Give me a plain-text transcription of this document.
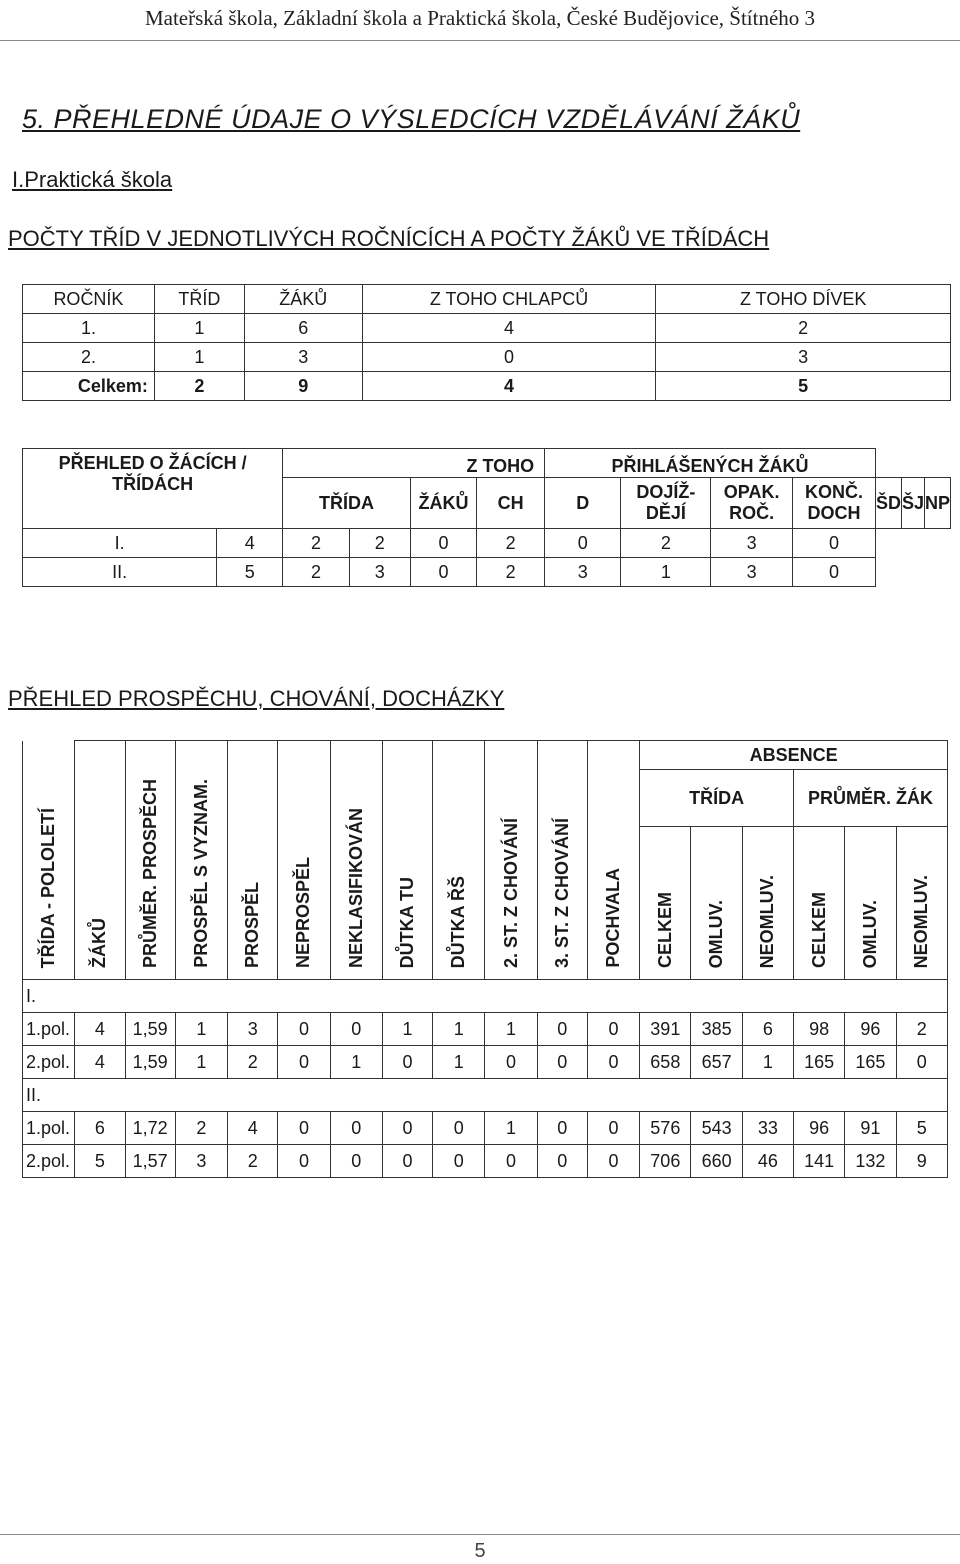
Mateřská škola, Základní škola a Praktická škola, České Budějovice, Štítného 3
5. PŘEHLEDNÉ ÚDAJE O VÝSLEDCÍCH VZDĚLÁVÁNÍ ŽÁKŮ
I.Praktická škola
POČTY TŘÍD V JEDNOTLIVÝCH ROČNÍCÍCH A POČTY ŽÁKŮ VE TŘÍDÁCH
ROČNÍK	TŘÍD	ŽÁKŮ	Z TOHO CHLAPCŮ	Z TOHO DÍVEK
1.	1	6	4	2
2.	1	3	0	3
Celkem:	2	9	4	5
PŘEHLED O ŽÁCÍCH / TŘÍDÁCH		Z TOHO				PŘIHLÁŠENÝCH ŽÁKŮ						
		TŘÍDA		ŽÁKŮ	CH	D	DOJÍŽ-DĚJÍ	OPAK. ROČ.	KONČ. DOCH	ŠD	ŠJ	NP
I.	4	2	2	0	2	0	2	3	0			
II.	5	2	3	0	2	3	1	3	0			
PŘEHLED PROSPĚCHU, CHOVÁNÍ, DOCHÁZKY
TŘÍDA - POLOLETÍ	ŽÁKŮ	PRŮMĚR. PROSPĚCH	PROSPĚL S VYZNAM.	PROSPĚL	NEPROSPĚL	NEKLASIFIKOVÁN	DŮTKA TU	DŮTKA ŘŠ	2. ST. Z CHOVÁNÍ	3. ST. Z CHOVÁNÍ	POCHVALA	ABSENCE					
												TŘÍDA			PRŮMĚR. ŽÁK		
												CELKEM	OMLUV.	NEOMLUV.	CELKEM	OMLUV.	NEOMLUV.
I.																	
1.pol.	4	1,59	1	3	0	0	1	1	1	0	0	391	385	6	98	96	2
2.pol.	4	1,59	1	2	0	1	0	1	0	0	0	658	657	1	165	165	0
II.																	
1.pol.	6	1,72	2	4	0	0	0	0	1	0	0	576	543	33	96	91	5
2.pol.	5	1,57	3	2	0	0	0	0	0	0	0	706	660	46	141	132	9
5
